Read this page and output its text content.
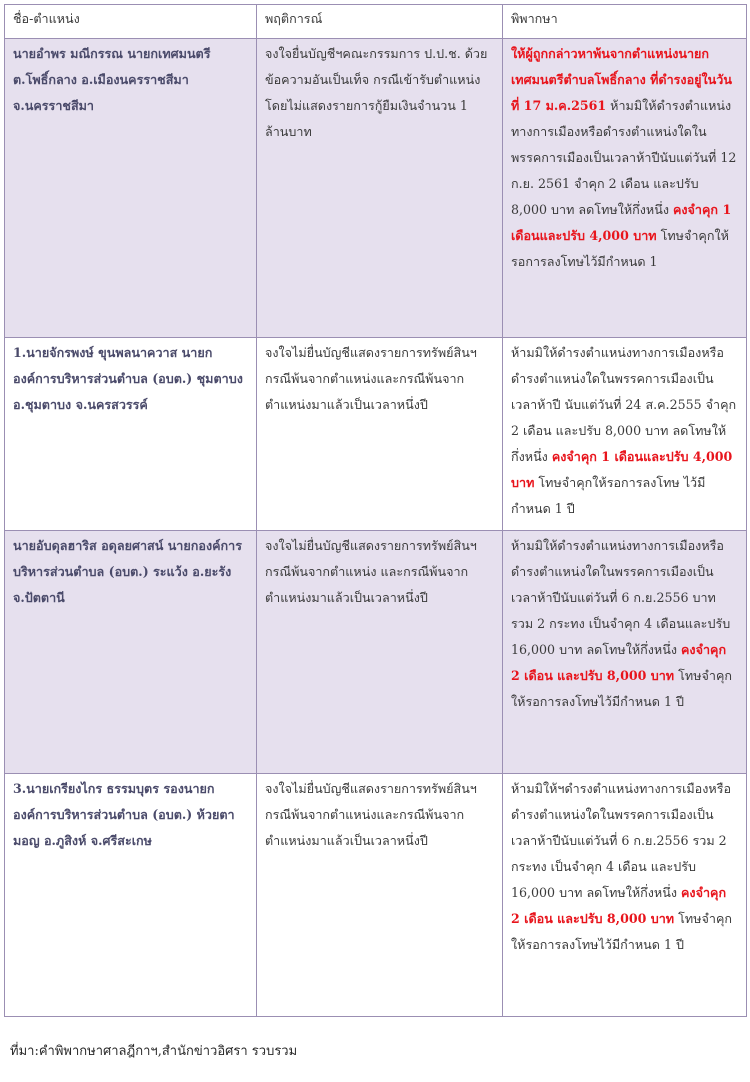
ชื่อ-ตำแหน่ง	พฤติการณ์	พิพากษา
นายอำพร มณีกรรณ นายกเทศมนตรี ต.โพธิ์กลาง อ.เมืองนครราชสีมา จ.นครราชสีมา	จงใจยื่นบัญชีฯคณะกรรมการ ป.ป.ช. ด้วยข้อความอันเป็นเท็จ กรณีเข้ารับตำแหน่ง โดยไม่แสดงรายการกู้ยืมเงินจำนวน 1 ล้านบาท	ให้ผู้ถูกกล่าวหาพ้นจากตำแหน่งนายกเทศมนตรีตำบลโพธิ์กลาง ที่ดำรงอยู่ในวันที่ 17 ม.ค.2561 ห้ามมิให้ดำรงตำแหน่งทางการเมืองหรือดำรงตำแหน่งใดในพรรคการเมืองเป็นเวลาห้าปีนับแต่วันที่ 12 ก.ย. 2561 จำคุก 2 เดือน และปรับ 8,000 บาท ลดโทษให้กึ่งหนึ่ง คงจำคุก 1 เดือนและปรับ 4,000 บาท โทษจำคุกให้รอการลงโทษไว้มีกำหนด 1
1.นายจักรพงษ์ ขุนพลนาควาส นายกองค์การบริหารส่วนตำบล (อบต.) ชุมตาบง อ.ชุมตาบง จ.นครสวรรค์	จงใจไม่ยื่นบัญชีแสดงรายการทรัพย์สินฯ กรณีพ้นจากตำแหน่งและกรณีพ้นจากตำแหน่งมาแล้วเป็นเวลาหนึ่งปี	ห้ามมิให้ดำรงตำแหน่งทางการเมืองหรือดำรงตำแหน่งใดในพรรคการเมืองเป็นเวลาห้าปี นับแต่วันที่ 24 ส.ค.2555 จำคุก 2 เดือน และปรับ 8,000 บาท ลดโทษให้กึ่งหนึ่ง คงจำคุก 1 เดือนและปรับ 4,000 บาท โทษจำคุกให้รอการลงโทษ ไว้มีกำหนด 1 ปี
นายอับดุลฮาริส อดุลยศาสน์ นายกองค์การบริหารส่วนตำบล (อบต.) ระแว้ง อ.ยะรัง จ.ปัตตานี	จงใจไม่ยื่นบัญชีแสดงรายการทรัพย์สินฯกรณีพ้นจากตำแหน่ง และกรณีพ้นจากตำแหน่งมาแล้วเป็นเวลาหนึ่งปี	ห้ามมิให้ดำรงตำแหน่งทางการเมืองหรือดำรงตำแหน่งใดในพรรคการเมืองเป็นเวลาห้าปีนับแต่วันที่ 6 ก.ย.2556 บาท รวม 2 กระทง เป็นจำคุก 4 เดือนและปรับ 16,000 บาท ลดโทษให้กึ่งหนึ่ง คงจำคุก 2 เดือน และปรับ 8,000 บาท โทษจำคุกให้รอการลงโทษไว้มีกำหนด 1 ปี
3.นายเกรียงไกร ธรรมบุตร รองนายกองค์การบริหารส่วนตำบล (อบต.) ห้วยตามอญ อ.ภูสิงห์ จ.ศรีสะเกษ	จงใจไม่ยื่นบัญชีแสดงรายการทรัพย์สินฯ กรณีพ้นจากตำแหน่งและกรณีพ้นจากตำแหน่งมาแล้วเป็นเวลาหนึ่งปี	ห้ามมิให้ฯดำรงตำแหน่งทางการเมืองหรือดำรงตำแหน่งใดในพรรคการเมืองเป็นเวลาห้าปีนับแต่วันที่ 6 ก.ย.2556 รวม 2 กระทง เป็นจำคุก 4 เดือน และปรับ 16,000 บาท ลดโทษให้กึ่งหนึ่ง คงจำคุก 2 เดือน และปรับ 8,000 บาท โทษจำคุกให้รอการลงโทษไว้มีกำหนด 1 ปี
ที่มา:คำพิพากษาศาลฎีกาฯ,สำนักข่าวอิศรา รวบรวม
